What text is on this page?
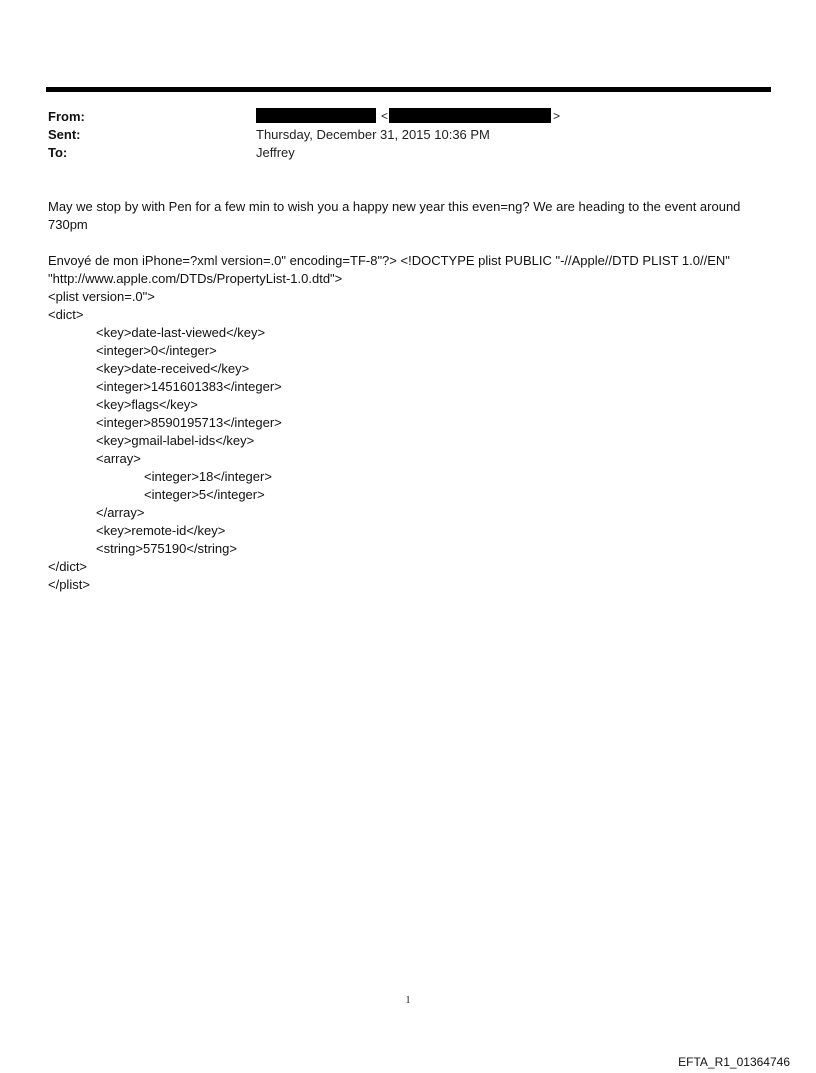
From:	<	>
Sent:	Thursday, December 31, 2015 10:36 PM
To:	Jeffrey
May we stop by with Pen for a few min to wish you a happy new year this even=ng? We are heading to the event around
730pm
Envoyé de mon iPhone=?xml version=.0" encoding=TF-8"?> <!DOCTYPE plist PUBLIC "-//Apple//DTD PLIST 1.0//EN"
"http://www.apple.com/DTDs/PropertyList-1.0.dtd">
<plist version=.0">
<dict>
<key>date-last-viewed</key>
<integer>0</integer>
<key>date-received</key>
<integer>1451601383</integer>
<key>flags</key>
<integer>8590195713</integer>
<key>gmail-label-ids</key>
<array>
<integer>18</integer>
<integer>5</integer>
</array>
<key>remote-id</key>
<string>575190</string>
</dict>
</plist>
1
EFTA_R1_01364746
